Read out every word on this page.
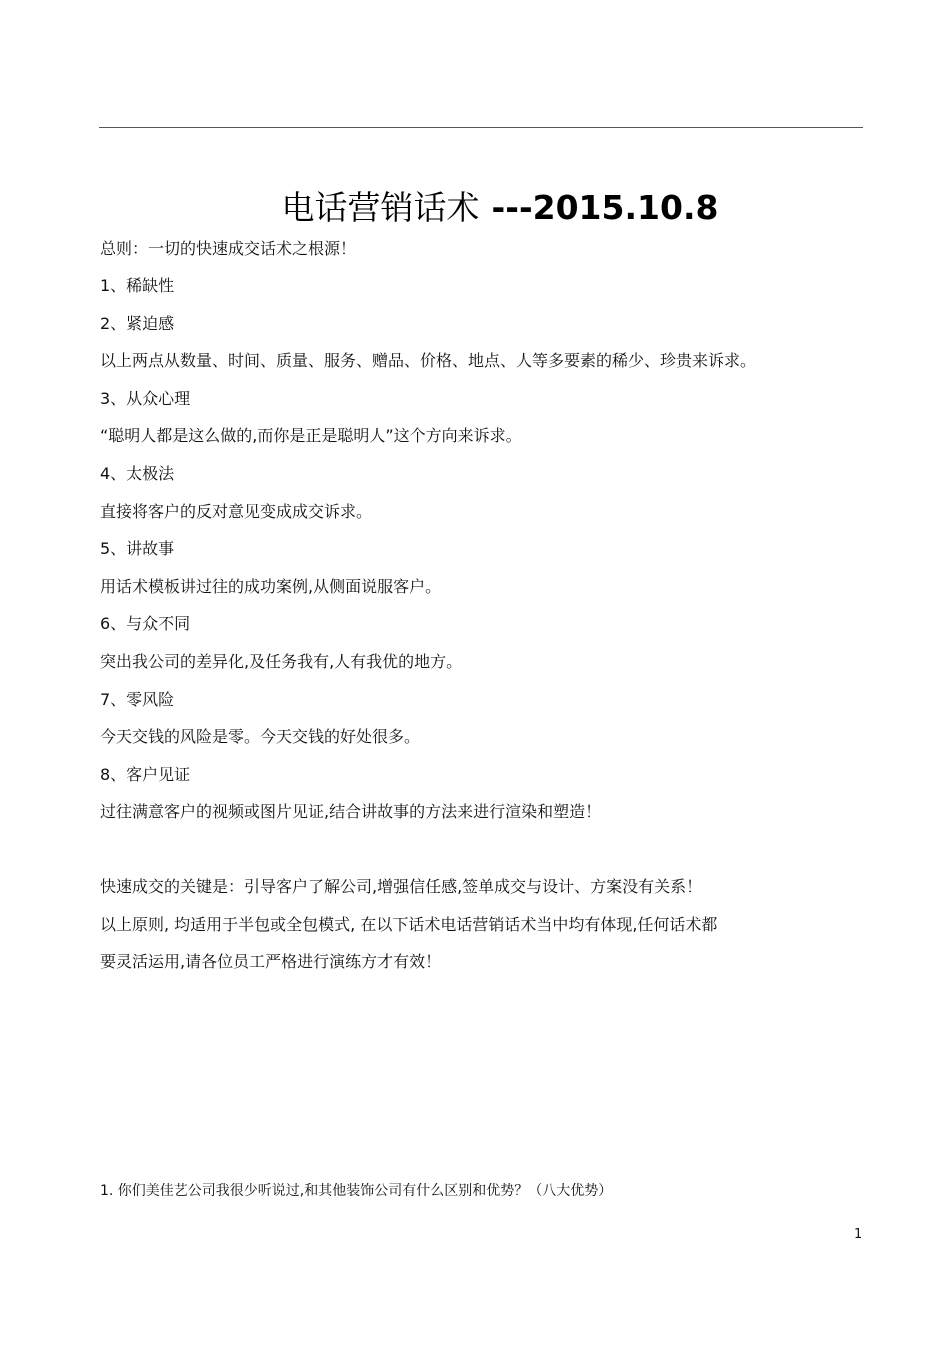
电话营销话术 ---2015.10.8
总则：一切的快速成交话术之根源！
1、稀缺性
2、紧迫感
以上两点从数量、时间、质量、服务、赠品、价格、地点、人等多要素的稀少、珍贵来诉求。
3、从众心理
“聪明人都是这么做的,而你是正是聪明人”这个方向来诉求。
4、太极法
直接将客户的反对意见变成成交诉求。
5、讲故事
用话术模板讲过往的成功案例,从侧面说服客户。
6、与众不同
突出我公司的差异化,及任务我有,人有我优的地方。
7、零风险
今天交钱的风险是零。今天交钱的好处很多。
8、客户见证
过往满意客户的视频或图片见证,结合讲故事的方法来进行渲染和塑造！
快速成交的关键是：引导客户了解公司,增强信任感,签单成交与设计、方案没有关系！
以上原则, 均适用于半包或全包模式, 在以下话术电话营销话术当中均有体现,任何话术都
要灵活运用,请各位员工严格进行演练方才有效！
1. 你们美佳艺公司我很少听说过,和其他装饰公司有什么区别和优势？（八大优势）
1
